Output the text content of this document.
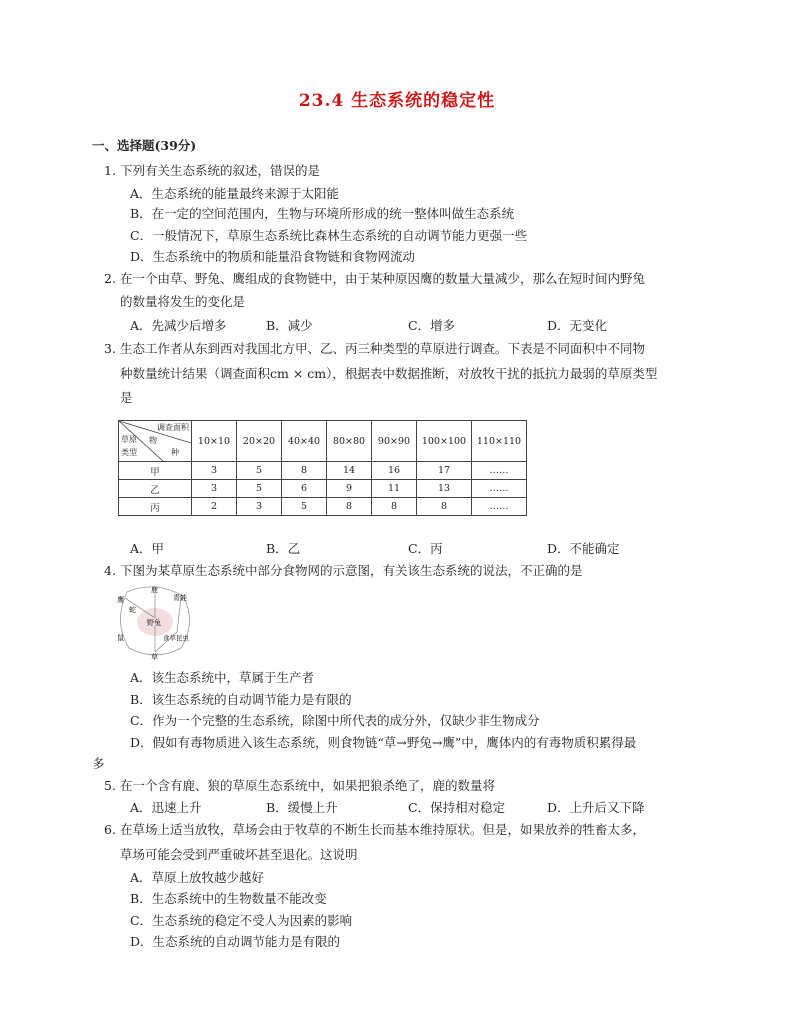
23.4 生态系统的稳定性
一、选择题(39分)
1. 下列有关生态系统的叙述，错误的是
A．生态系统的能量最终来源于太阳能
B．在一定的空间范围内，生物与环境所形成的统一整体叫做生态系统
C．一般情况下，草原生态系统比森林生态系统的自动调节能力更强一些
D．生态系统中的物质和能量沿食物链和食物网流动
2. 在一个由草、野兔、鹰组成的食物链中，由于某种原因鹰的数量大量减少，那么在短时间内野兔
的数量将发生的变化是
A．先减少后增多	B．减少	C．增多	D．无变化
3. 生态工作者从东到西对我国北方甲、乙、丙三种类型的草原进行调查。下表是不同面积中不同物
种数量统计结果（调查面积cm × cm），根据表中数据推断，对放牧干扰的抵抗力最弱的草原类型
是
调查面积
物
种
草原
类型	10×10	20×20	40×40	80×80	90×90	100×100	110×110
甲	3	5	8	14	16	17	……
乙	3	5	6	9	11	13	……
丙	2	3	5	8	8	8	……
A．甲	B．乙	C．丙	D．不能确定
4. 下图为某草原生态系统中部分食物网的示意图，有关该生态系统的说法，不正确的是
鹰
鹿
青蛙
蛇
野兔
食草昆虫
鼠
草
A．该生态系统中，草属于生产者
B．该生态系统的自动调节能力是有限的
C．作为一个完整的生态系统，除图中所代表的成分外，仅缺少非生物成分
D．假如有毒物质进入该生态系统，则食物链“草→野兔→鹰”中，鹰体内的有毒物质积累得最
多
5. 在一个含有鹿、狼的草原生态系统中，如果把狼杀绝了，鹿的数量将
A．迅速上升	B．缓慢上升	C．保持相对稳定	D．上升后又下降
6. 在草场上适当放牧，草场会由于牧草的不断生长而基本维持原状。但是，如果放养的牲畜太多，
草场可能会受到严重破坏甚至退化。这说明
A．草原上放牧越少越好
B．生态系统中的生物数量不能改变
C．生态系统的稳定不受人为因素的影响
D．生态系统的自动调节能力是有限的
